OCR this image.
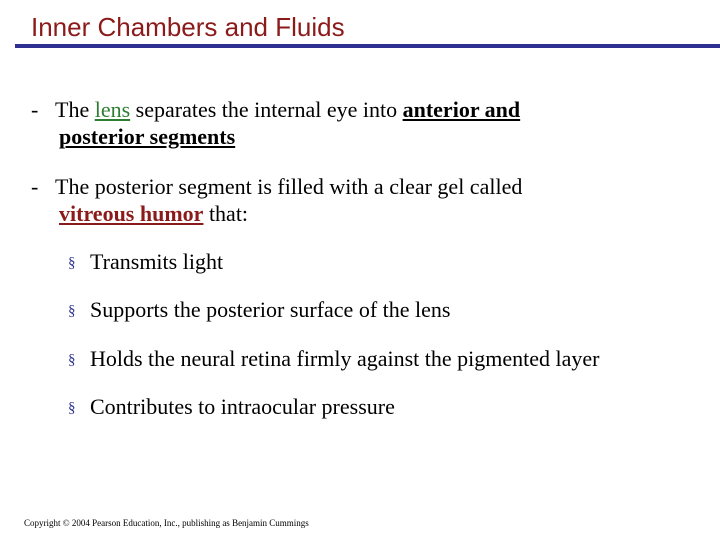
Inner Chambers and Fluids

- The lens separates the internal eye into anterior and
posterior segments

- The posterior segment is filled with a clear gel called
vitreous humor that:

§ Transmits light

§ Supports the posterior surface of the lens

§ Holds the neural retina firmly against the pigmented layer

§ Contributes to intraocular pressure

Copyright © 2004 Pearson Education, Inc., publishing as Benjamin Cummings
